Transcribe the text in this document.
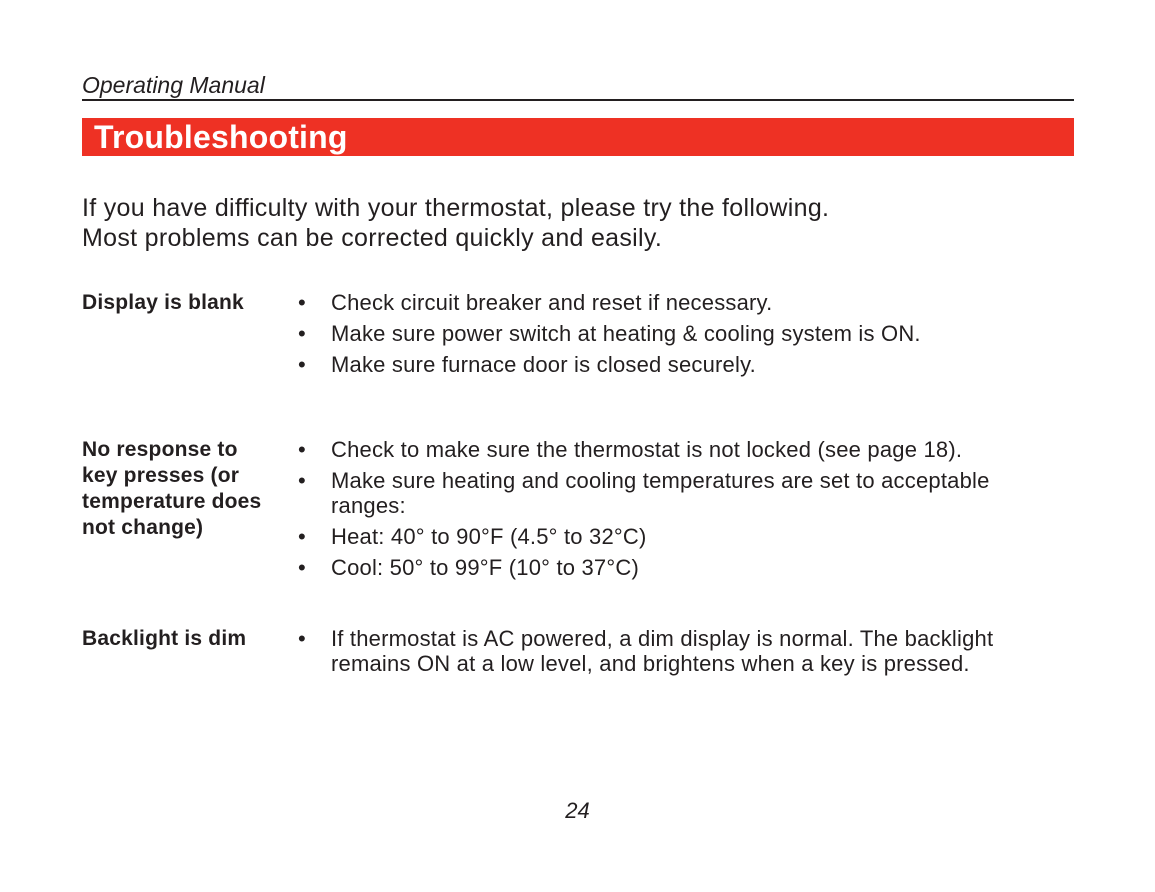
Operating Manual
Troubleshooting

If you have difficulty with your thermostat, please try the following.

Most problems can be corrected quickly and easily.

Display is blank	• Check circuit breaker and reset if necessary.
• Make sure power switch at heating & cooling system is ON.
• Make sure furnace door is closed securely.
No response to key presses (or temperature does not change)
• Check to make sure the thermostat is not locked (see page 18).
• Make sure heating and cooling temperatures are set to acceptable ranges:
• Heat: 40° to 90°F (4.5° to 32°C)
• Cool: 50° to 99°F (10° to 37°C)
Backlight is dim	• If thermostat is AC powered, a dim display is normal. The backlight remains ON at a low level, and brightens when a key is pressed.
24
